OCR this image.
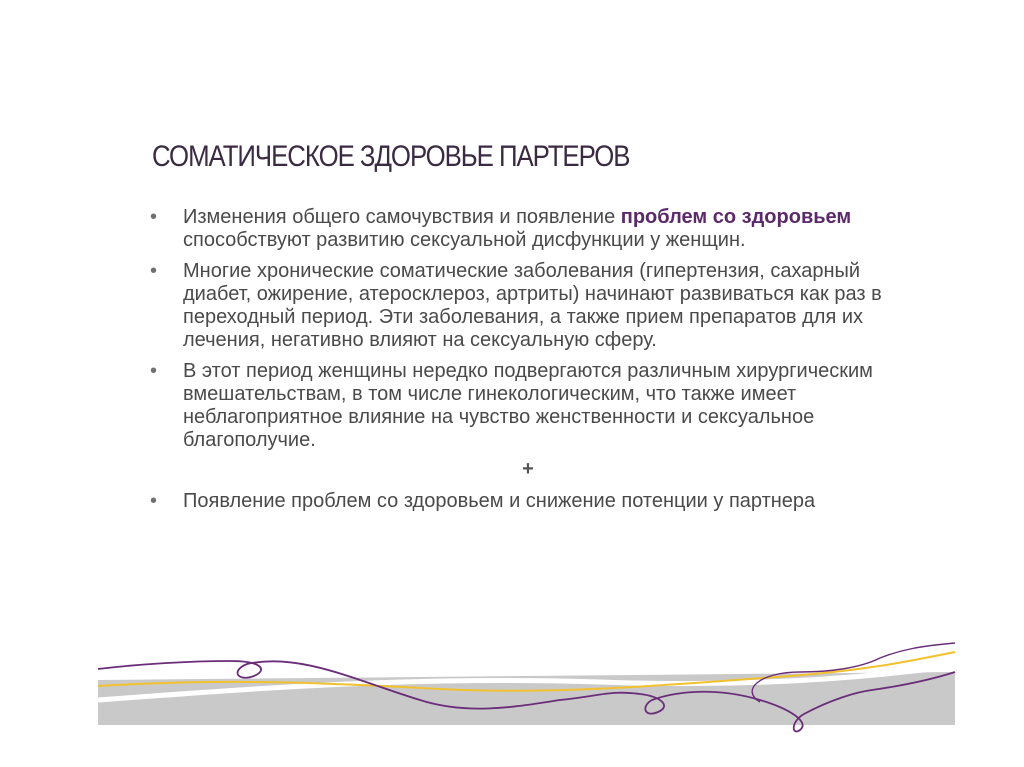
СОМАТИЧЕСКОЕ ЗДОРОВЬЕ ПАРТЕРОВ
•	Изменения общего самочувствия и появление проблем со здоровьем способствуют развитию сексуальной дисфункции у женщин.
•	Многие хронические соматические заболевания (гипертензия, сахарный диабет, ожирение, атеросклероз, артриты) начинают развиваться как раз в переходный период. Эти заболевания, а также прием препаратов для их лечения, негативно влияют на сексуальную сферу.
•	В этот период женщины нередко подвергаются различным хирургическим вмешательствам, в том числе гинекологическим, что также имеет неблагоприятное влияние на чувство женственности и сексуальное благополучие.
+
•	Появление проблем со здоровьем и снижение потенции у партнера
